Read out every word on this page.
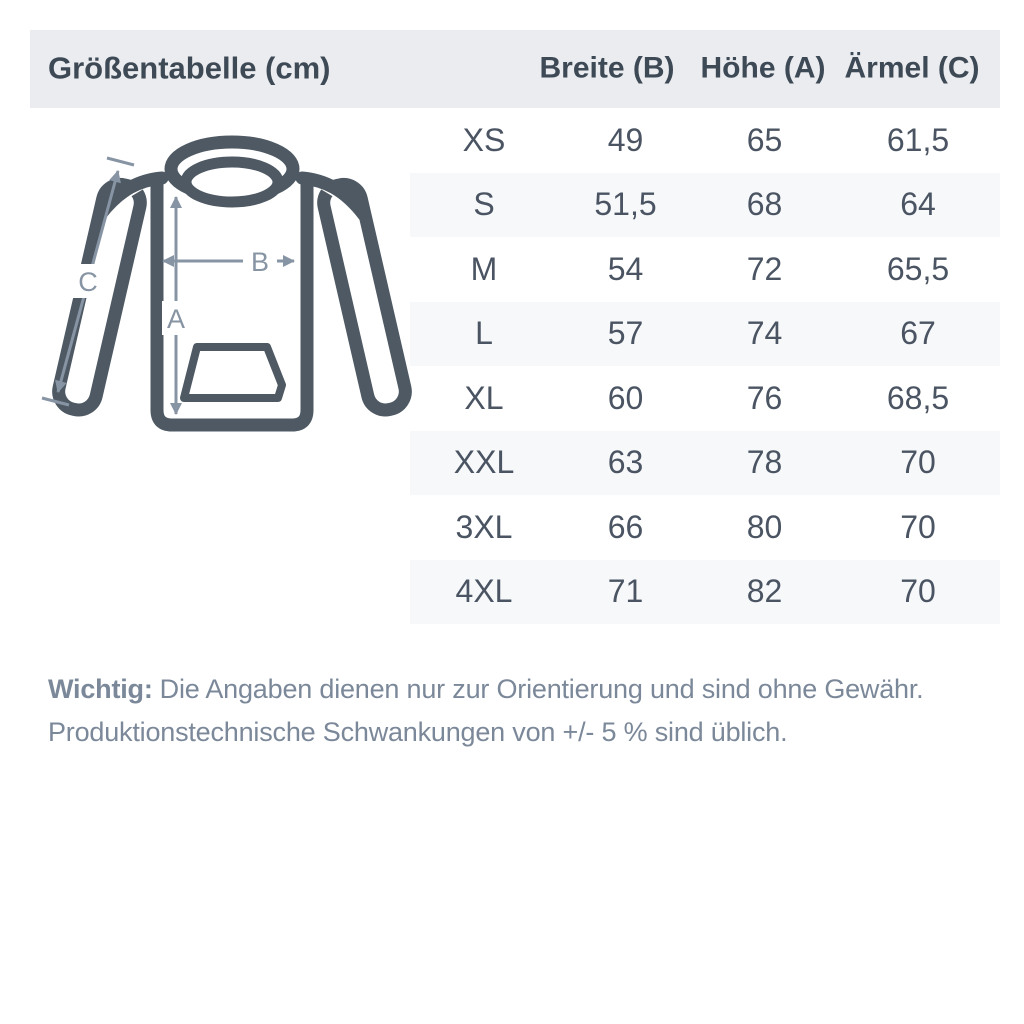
Größentabelle (cm)	Breite (B) Höhe (A) Ärmel (C)
C
B
A
XS	49	65	61,5
S	51,5	68	64
M	54	72	65,5
L	57	74	67
XL	60	76	68,5
XXL	63	78	70
3XL	66	80	70
4XL	71	82	70
Wichtig: Die Angaben dienen nur zur Orientierung und sind ohne Gewähr.
Produktionstechnische Schwankungen von +/- 5 % sind üblich.
